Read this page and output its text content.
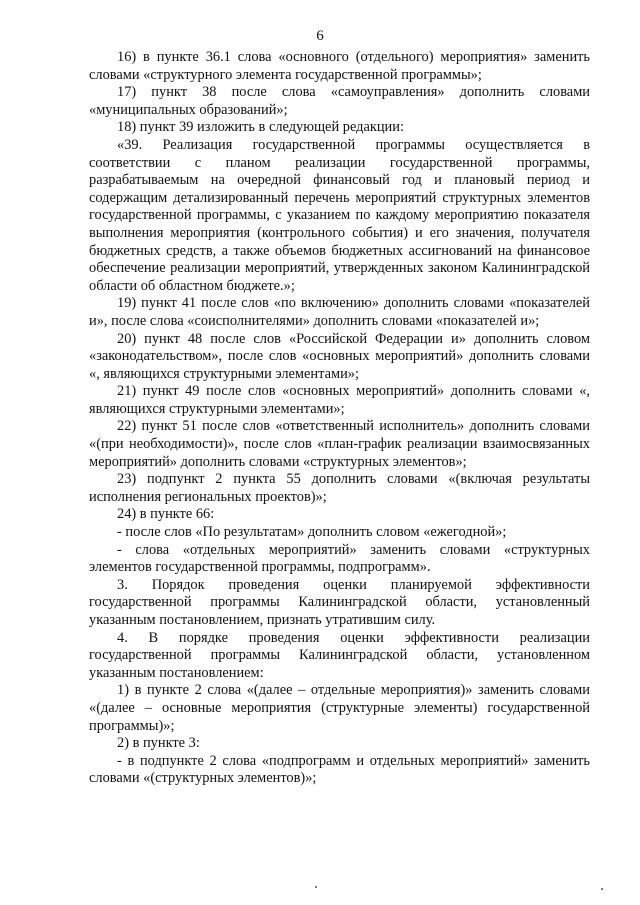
6

16) в пункте 36.1 слова «основного (отдельного) мероприятия» заменить словами «структурного элемента государственной программы»;

17) пункт 38 после слова «самоуправления» дополнить словами «муниципальных образований»;

18) пункт 39 изложить в следующей редакции:

«39. Реализация государственной программы осуществляется в соответствии с планом реализации государственной программы, разрабатываемым на очередной финансовый год и плановый период и содержащим детализированный перечень мероприятий структурных элементов государственной программы, с указанием по каждому мероприятию показателя выполнения мероприятия (контрольного события) и его значения, получателя бюджетных средств, а также объемов бюджетных ассигнований на финансовое обеспечение реализации мероприятий, утвержденных законом Калининградской области об областном бюджете.»;

19) пункт 41 после слов «по включению» дополнить словами «показателей и», после слова «соисполнителями» дополнить словами «показателей и»;

20) пункт 48 после слов «Российской Федерации и» дополнить словом «законодательством», после слов «основных мероприятий» дополнить словами «, являющихся структурными элементами»;

21) пункт 49 после слов «основных мероприятий» дополнить словами «, являющихся структурными элементами»;

22) пункт 51 после слов «ответственный исполнитель» дополнить словами «(при необходимости)», после слов «план-график реализации взаимосвязанных мероприятий» дополнить словами «структурных элементов»;

23) подпункт 2 пункта 55 дополнить словами «(включая результаты исполнения региональных проектов)»;

24) в пункте 66:

- после слов «По результатам» дополнить словом «ежегодной»;

- слова «отдельных мероприятий» заменить словами «структурных элементов государственной программы, подпрограмм».

3. Порядок проведения оценки планируемой эффективности государственной программы Калининградской области, установленный указанным постановлением, признать утратившим силу.

4. В порядке проведения оценки эффективности реализации государственной программы Калининградской области, установленном указанным постановлением:

1) в пункте 2 слова «(далее – отдельные мероприятия)» заменить словами «(далее – основные мероприятия (структурные элементы) государственной программы)»;

2) в пункте 3:

- в подпункте 2 слова «подпрограмм и отдельных мероприятий» заменить словами «(структурных элементов)»;
